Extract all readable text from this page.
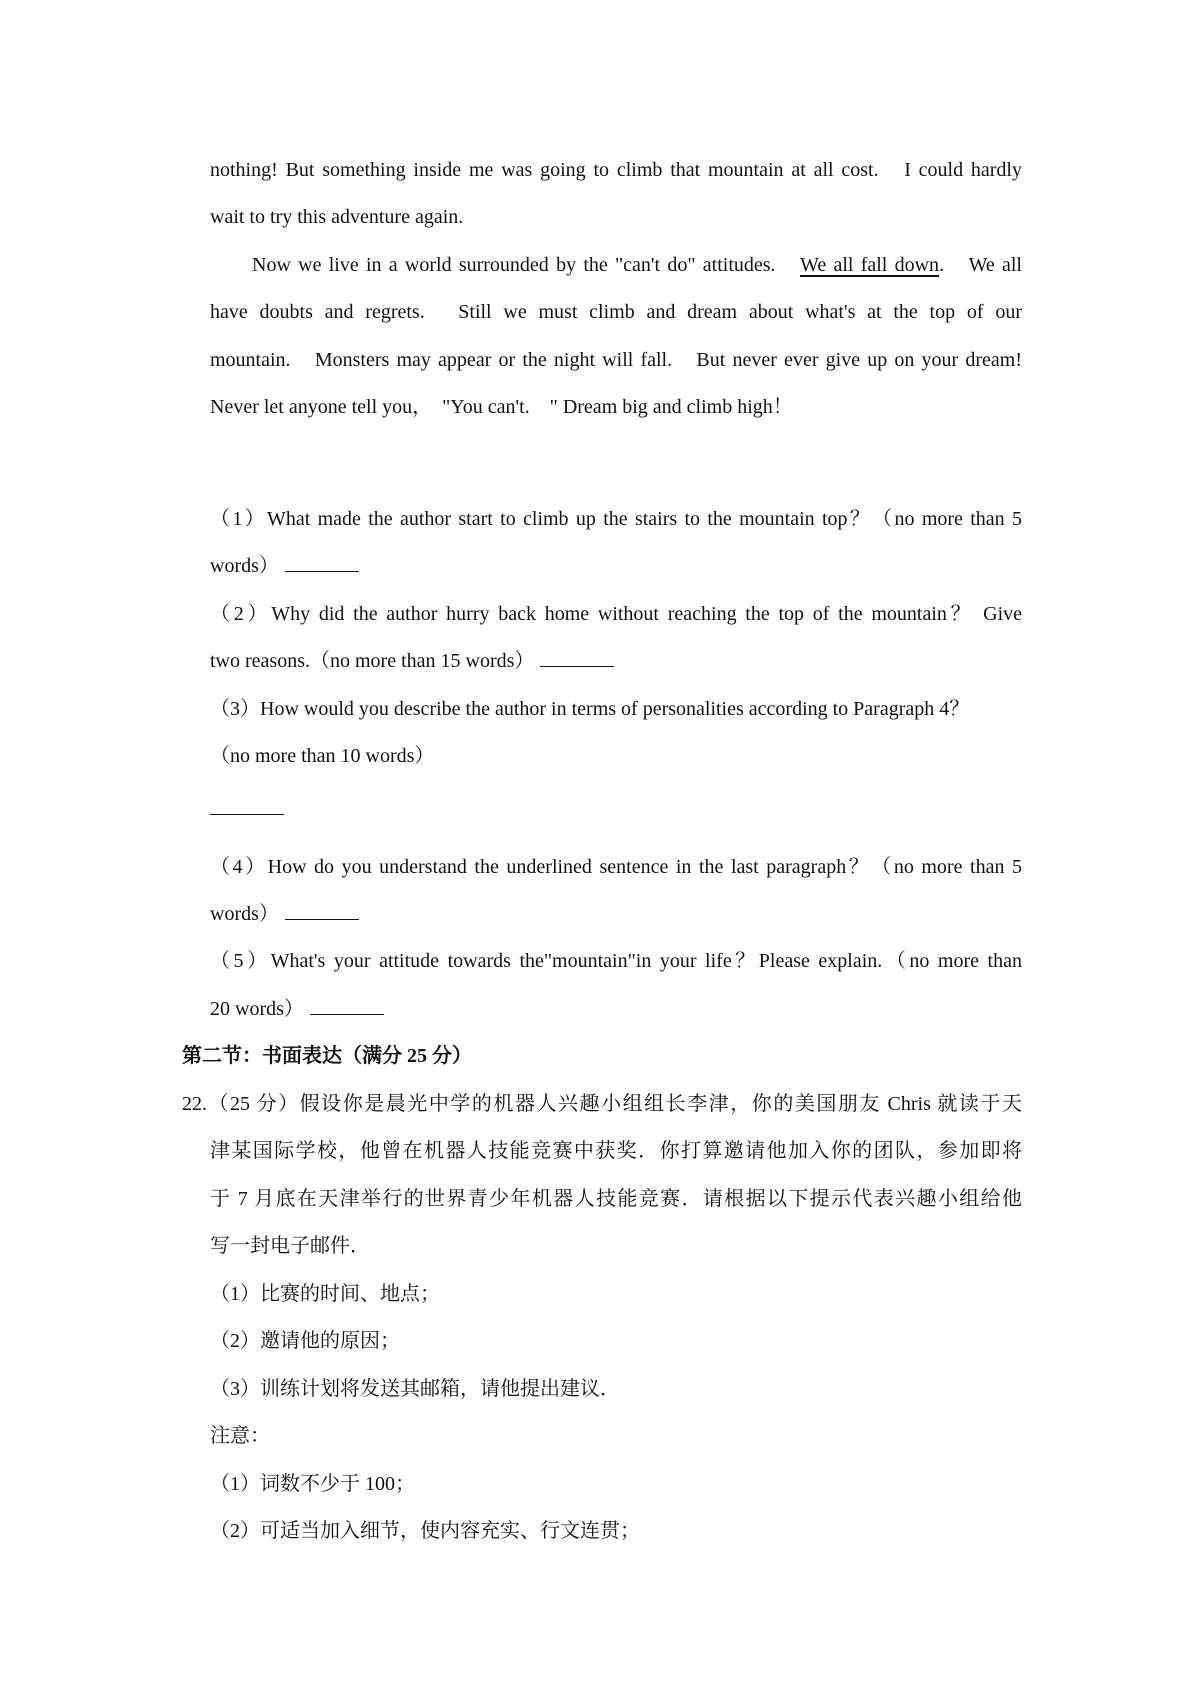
nothing! But something inside me was going to climb that mountain at all cost.　I could hardly
wait to try this adventure again.
Now we live in a world surrounded by the "can't do" attitudes.　We all fall down.　We all
have doubts and regrets.　Still we must climb and dream about what's at the top of our
mountain.　Monsters may appear or the night will fall.　But never ever give up on your dream!
Never let anyone tell you，　"You can't.　" Dream big and climb high！
（1）What made the author start to climb up the stairs to the mountain top？（no more than 5
words）
（2）Why did the author hurry back home without reaching the top of the mountain？ Give
two reasons.（no more than 15 words）
（3）How would you describe the author in terms of personalities according to Paragraph 4？
（no more than 10 words）
（4）How do you understand the underlined sentence in the last paragraph？（no more than 5
words）
（5）What's your attitude towards the"mountain"in your life？Please explain.（no more than
20 words）
第二节：书面表达（满分 25 分）
22.（25 分）假设你是晨光中学的机器人兴趣小组组长李津，你的美国朋友 Chris 就读于天
津某国际学校，他曾在机器人技能竞赛中获奖．你打算邀请他加入你的团队，参加即将
于 7 月底在天津举行的世界青少年机器人技能竞赛．请根据以下提示代表兴趣小组给他
写一封电子邮件．
（1）比赛的时间、地点；
（2）邀请他的原因；
（3）训练计划将发送其邮箱，请他提出建议．
注意：
（1）词数不少于 100；
（2）可适当加入细节，使内容充实、行文连贯；
